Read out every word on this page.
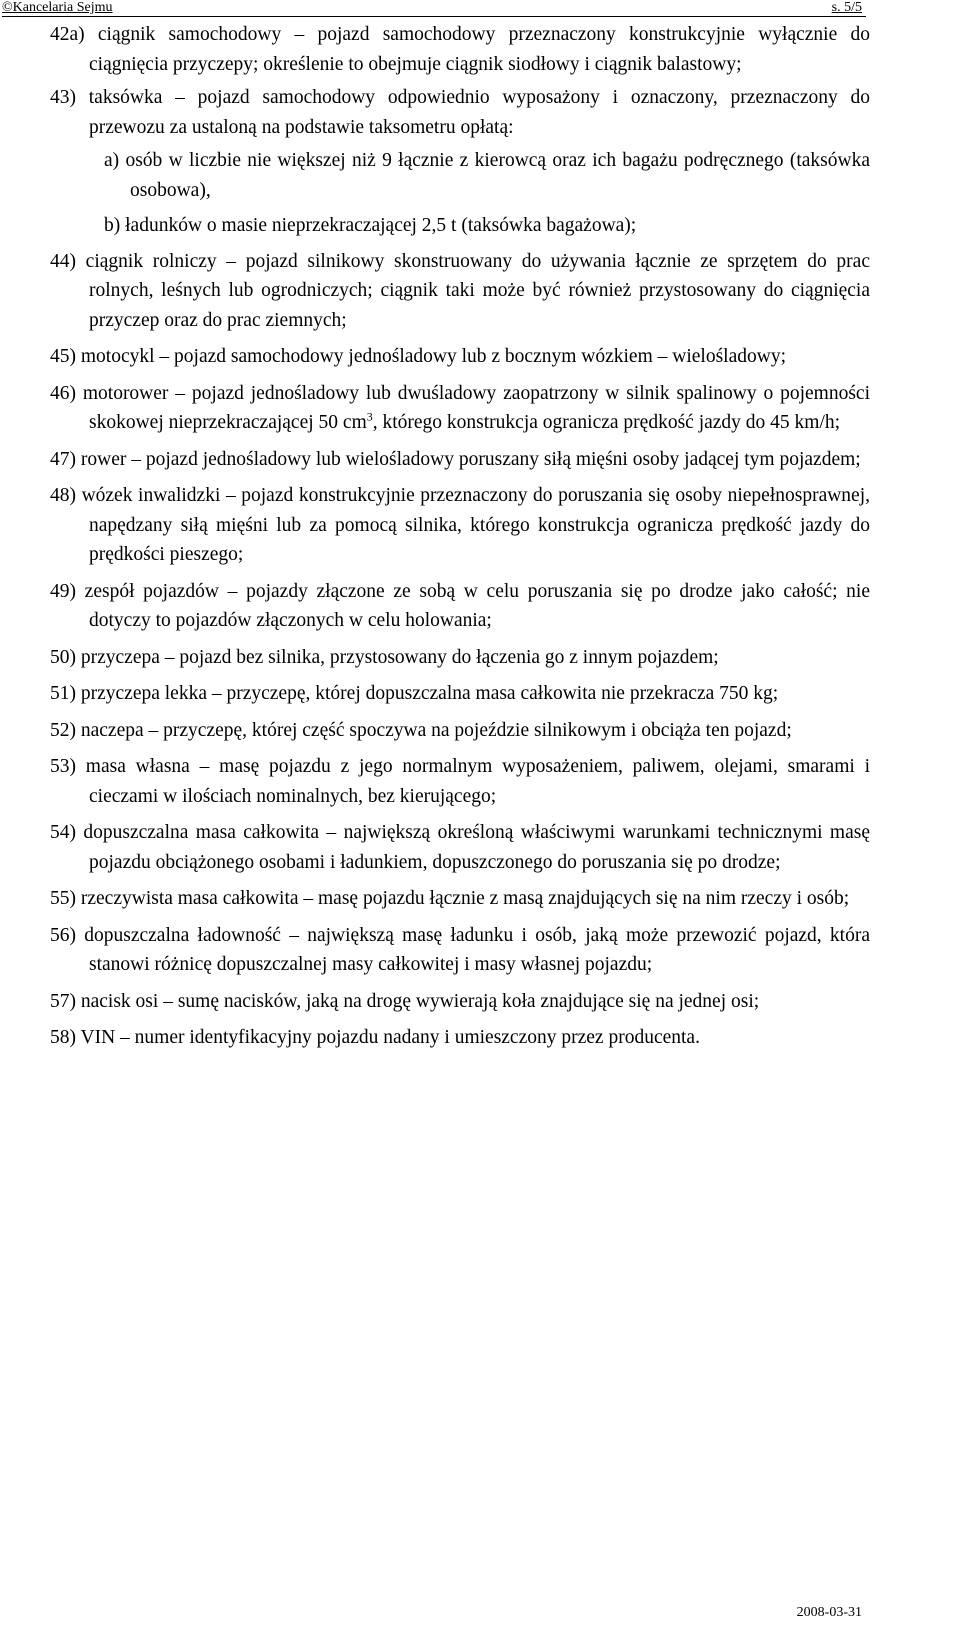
©Kancelaria Sejmu	s. 5/5

42a) ciągnik samochodowy – pojazd samochodowy przeznaczony konstrukcyjnie wyłącznie do ciągnięcia przyczepy; określenie to obejmuje ciągnik siodłowy i ciągnik balastowy;

43) taksówka – pojazd samochodowy odpowiednio wyposażony i oznaczony, przeznaczony do przewozu za ustaloną na podstawie taksometru opłatą:

a) osób w liczbie nie większej niż 9 łącznie z kierowcą oraz ich bagażu podręcznego (taksówka osobowa),

b) ładunków o masie nieprzekraczającej 2,5 t (taksówka bagażowa);

44) ciągnik rolniczy – pojazd silnikowy skonstruowany do używania łącznie ze sprzętem do prac rolnych, leśnych lub ogrodniczych; ciągnik taki może być również przystosowany do ciągnięcia przyczep oraz do prac ziemnych;

45) motocykl – pojazd samochodowy jednośladowy lub z bocznym wózkiem – wielośladowy;

46) motorower – pojazd jednośladowy lub dwuśladowy zaopatrzony w silnik spalinowy o pojemności skokowej nieprzekraczającej 50 $cm^3$, którego konstrukcja ogranicza prędkość jazdy do 45 km/h;

47) rower – pojazd jednośladowy lub wielośladowy poruszany siłą mięśni osoby jadącej tym pojazdem;

48) wózek inwalidzki – pojazd konstrukcyjnie przeznaczony do poruszania się osoby niepełnosprawnej, napędzany siłą mięśni lub za pomocą silnika, którego konstrukcja ogranicza prędkość jazdy do prędkości pieszego;

49) zespół pojazdów – pojazdy złączone ze sobą w celu poruszania się po drodze jako całość; nie dotyczy to pojazdów złączonych w celu holowania;

50) przyczepa – pojazd bez silnika, przystosowany do łączenia go z innym pojazdem;

51) przyczepa lekka – przyczepę, której dopuszczalna masa całkowita nie przekracza 750 kg;

52) naczepa – przyczepę, której część spoczywa na pojeździe silnikowym i obciąża ten pojazd;

53) masa własna – masę pojazdu z jego normalnym wyposażeniem, paliwem, olejami, smarami i cieczami w ilościach nominalnych, bez kierującego;

54) dopuszczalna masa całkowita – największą określoną właściwymi warunkami technicznymi masę pojazdu obciążonego osobami i ładunkiem, dopuszczonego do poruszania się po drodze;

55) rzeczywista masa całkowita – masę pojazdu łącznie z masą znajdujących się na nim rzeczy i osób;

56) dopuszczalna ładowność – największą masę ładunku i osób, jaką może przewozić pojazd, która stanowi różnicę dopuszczalnej masy całkowitej i masy własnej pojazdu;

57) nacisk osi – sumę nacisków, jaką na drogę wywierają koła znajdujące się na jednej osi;

58) VIN – numer identyfikacyjny pojazdu nadany i umieszczony przez producenta.

2008-03-31
